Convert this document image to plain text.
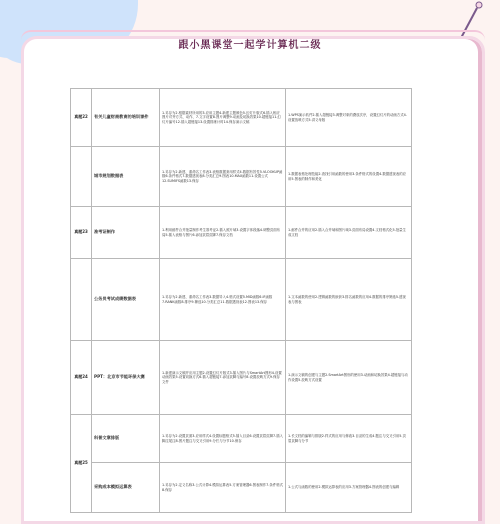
跟小黑课堂一起学计算机二级
真题22	有关儿童财商教育的培训课件	1.另存为2.根据素材所用的3.应用主题4.新建主题颜色5.幻灯片版式6.插入相应图片对齐方式、动作、7.文字设置8.图片调整9.动画及切换效果10.超链接11.幻灯片编号12.插入超链接13.设置排练计时14.保存演示文稿	1.WPS演示软件2.插入超链接3.调整对象的叠放次序，设置幻灯片的动画方式4.设置放映方式5.讲义母版
	城市规划数据表	1.另存为2.新建、重命名工作表3.表格数据套用样式4.数据有效性5.VLOOKUP函数6.条件格式7.数据透视表8.分类汇总9.图表10.MAX函数11.设置公式12.SUMIFS函数13.保存	1.数据表格处理技能2.查找引用函数的使用3.条件格式的设置4.数据透视表的应用5.图表的制作和美化
真题23	准考证制作	1.利用邮件合并批量制作考生准考证2.插入照片域3.设置字体段落4.调整页面布局5.插入表格与图片6.添加页眉页脚7.保存文档	1.邮件合并的应用2.插入合并域和图片域3.页面布局设置4.文档格式化5.批量生成文档
	公务员考试成绩数据表	1.另存为2.新建、重命名工作表3.数据导入4.格式设置5.MID函数6.IF函数7.RANK函数8.排序9.筛选10.分类汇总11.数据透视表12.图表13.保存	1.文本函数的使用2.逻辑函数的嵌套3.排名函数的应用4.数据的排序筛选5.透视表与图表
真题24	PPT：北京市节能环保大赛	1.新建演示文稿并应用主题2.设置幻灯片版式3.插入图片与SmartArt图形4.设置动画效果5.设置切换方式6.插入超链接7.添加页脚与编号8.设置放映方式9.保存文件	1.演示文稿的创建与主题2.SmartArt图形的使用3.动画和切换效果4.超链接与动作设置5.放映方式设置
真题25	科普文章排版	1.另存为2.设置页面3.应用样式4.设置标题格式5.插入目录6.设置页眉页脚7.插入脚注尾注8.图片题注与交叉引用9.分栏与分节10.保存	1.长文档的编辑与排版2.样式的应用与修改3.目录的生成4.题注与交叉引用5.页眉页脚与分节
	采购成本模拟运算表	1.另存为2.定义名称3.公式计算4.模拟运算表5.方案管理器6.图表制作7.条件格式8.保存	1.公式与函数的使用2.模拟运算表的应用3.方案管理器4.图表的创建与编辑
